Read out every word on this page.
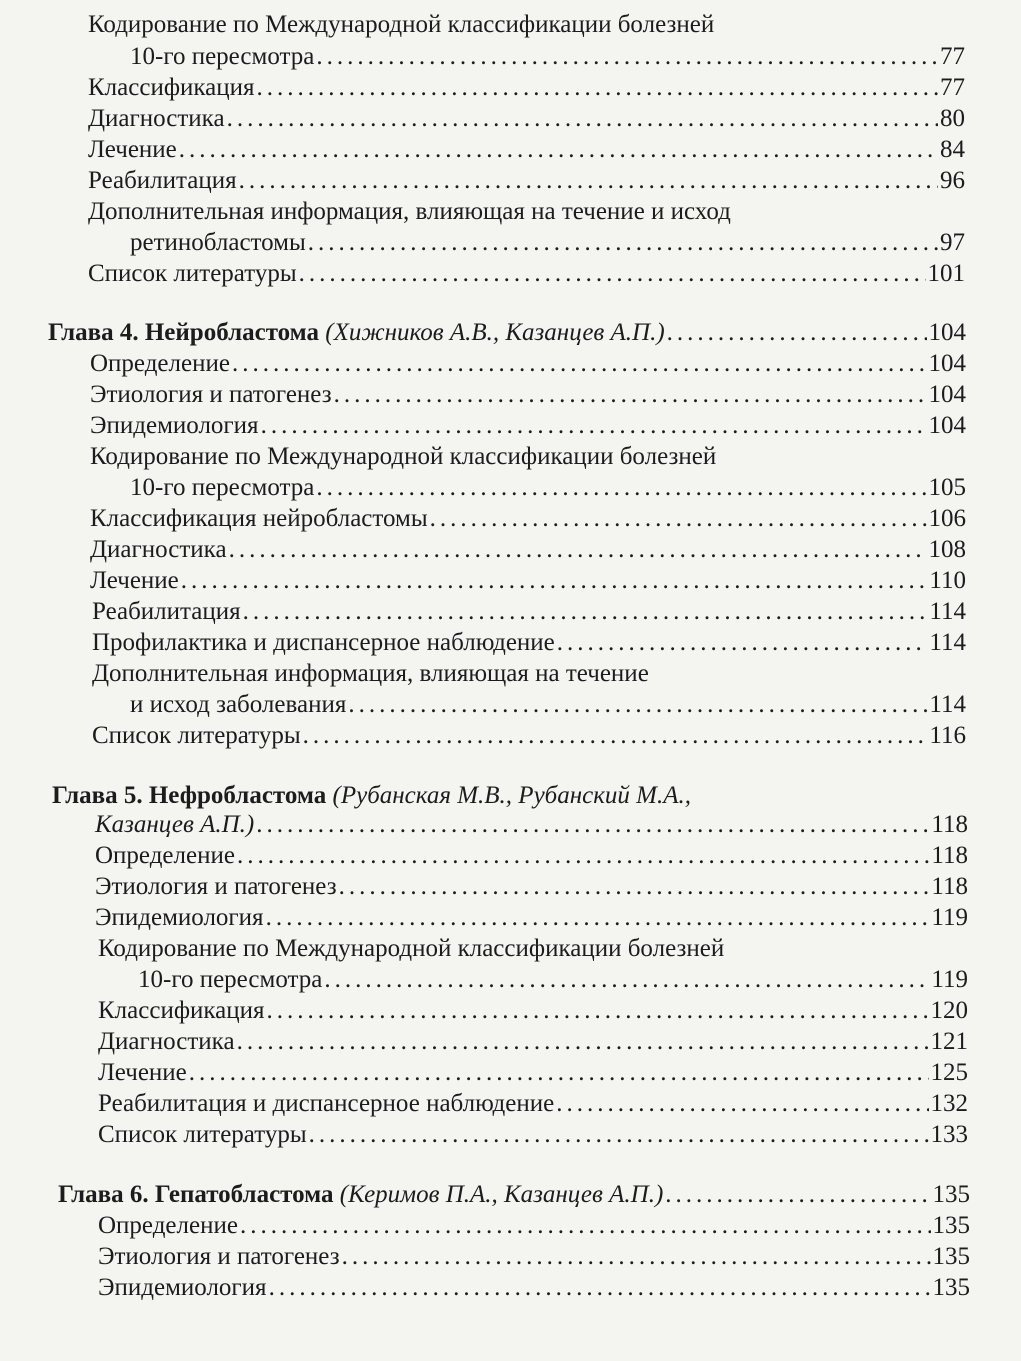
Кодирование по Международной классификации болезней
10-го пересмотра .....	77
Классификация .....	77
Диагностика .....	80
Лечение .....	84
Реабилитация .....	96
Дополнительная информация, влияющая на течение и исход
ретинобластомы .....	97
Список литературы .....	101
Глава 4. Нейробластома (Хижников А.В., Казанцев А.П.) .....	104
Определение .....	104
Этиология и патогенез .....	104
Эпидемиология .....	104
Кодирование по Международной классификации болезней
10-го пересмотра .....	105
Классификация нейробластомы .....	106
Диагностика .....	108
Лечение .....	110
Реабилитация .....	114
Профилактика и диспансерное наблюдение .....	114
Дополнительная информация, влияющая на течение
и исход заболевания .....	114
Список литературы .....	116
Глава 5. Нефробластома (Рубанская М.В., Рубанский М.А.,
Казанцев А.П.) .....	118
Определение .....	118
Этиология и патогенез .....	118
Эпидемиология .....	119
Кодирование по Международной классификации болезней
10-го пересмотра .....	119
Классификация .....	120
Диагностика .....	121
Лечение .....	125
Реабилитация и диспансерное наблюдение .....	132
Список литературы .....	133
Глава 6. Гепатобластома (Керимов П.А., Казанцев А.П.) .....	135
Определение .....	135
Этиология и патогенез .....	135
Эпидемиология .....	135
